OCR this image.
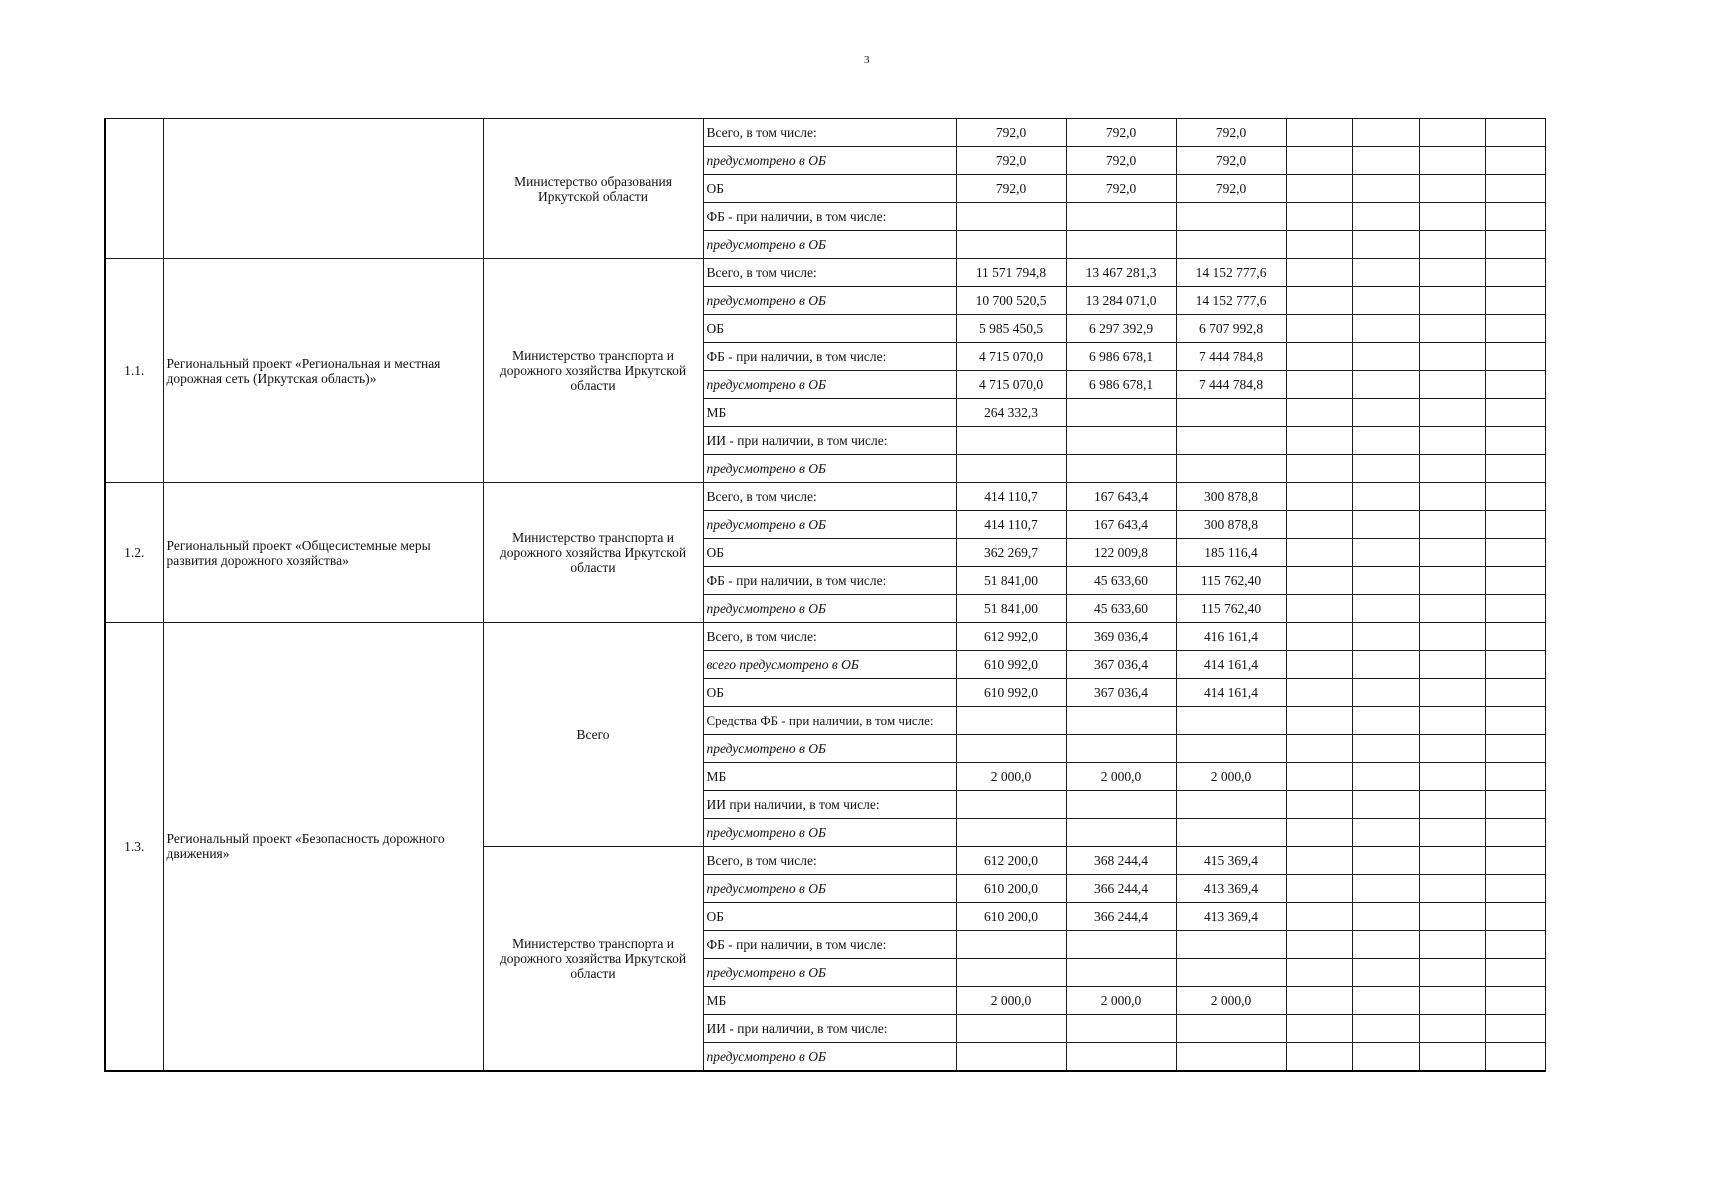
3
		Министерство образования Иркутской области	Всего, в том числе:	792,0	792,0	792,0				
			предусмотрено в ОБ	792,0	792,0	792,0				
			ОБ	792,0	792,0	792,0				
			ФБ - при наличии, в том числе:							
			предусмотрено в ОБ							
1.1.	Региональный проект «Региональная и местная дорожная сеть (Иркутская область)»	Министерство транспорта и дорожного хозяйства Иркутской области	Всего, в том числе:	11 571 794,8	13 467 281,3	14 152 777,6				
			предусмотрено в ОБ	10 700 520,5	13 284 071,0	14 152 777,6				
			ОБ	5 985 450,5	6 297 392,9	6 707 992,8				
			ФБ - при наличии, в том числе:	4 715 070,0	6 986 678,1	7 444 784,8				
			предусмотрено в ОБ	4 715 070,0	6 986 678,1	7 444 784,8				
			МБ	264 332,3						
			ИИ - при наличии, в том числе:							
			предусмотрено в ОБ							
1.2.	Региональный проект «Общесистемные меры развития дорожного хозяйства»	Министерство транспорта и дорожного хозяйства Иркутской области	Всего, в том числе:	414 110,7	167 643,4	300 878,8				
			предусмотрено в ОБ	414 110,7	167 643,4	300 878,8				
			ОБ	362 269,7	122 009,8	185 116,4				
			ФБ - при наличии, в том числе:	51 841,00	45 633,60	115 762,40				
			предусмотрено в ОБ	51 841,00	45 633,60	115 762,40				
1.3.	Региональный проект «Безопасность дорожного движения»	Всего	Всего, в том числе:	612 992,0	369 036,4	416 161,4				
			всего предусмотрено в ОБ	610 992,0	367 036,4	414 161,4				
			ОБ	610 992,0	367 036,4	414 161,4				
			Средства ФБ - при наличии, в том числе:							
			предусмотрено в ОБ							
			МБ	2 000,0	2 000,0	2 000,0				
			ИИ при наличии, в том числе:							
			предусмотрено в ОБ							
		Министерство транспорта и дорожного хозяйства Иркутской области	Всего, в том числе:	612 200,0	368 244,4	415 369,4				
			предусмотрено в ОБ	610 200,0	366 244,4	413 369,4				
			ОБ	610 200,0	366 244,4	413 369,4				
			ФБ - при наличии, в том числе:							
			предусмотрено в ОБ							
			МБ	2 000,0	2 000,0	2 000,0				
			ИИ - при наличии, в том числе:							
			предусмотрено в ОБ							
